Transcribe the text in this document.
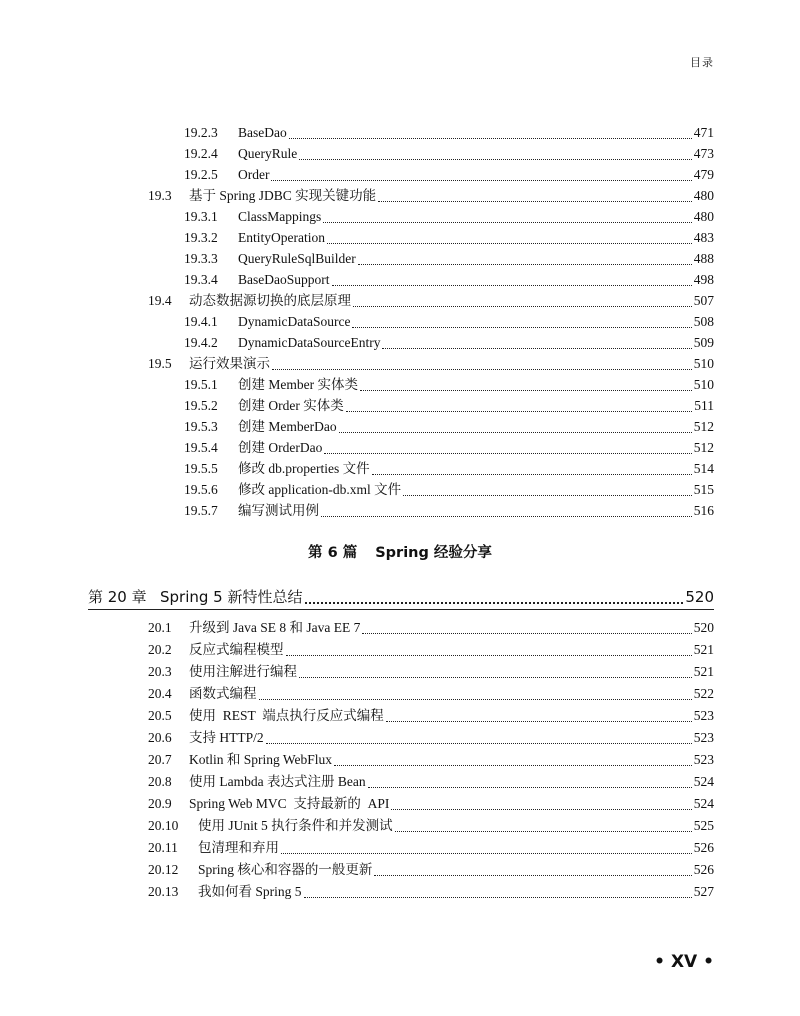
目录
19.2.3	BaseDao	471
19.2.4	QueryRule	473
19.2.5	Order	479
19.3	基于 Spring JDBC 实现关键功能	480
19.3.1	ClassMappings	480
19.3.2	EntityOperation	483
19.3.3	QueryRuleSqlBuilder	488
19.3.4	BaseDaoSupport	498
19.4	动态数据源切换的底层原理	507
19.4.1	DynamicDataSource	508
19.4.2	DynamicDataSourceEntry	509
19.5	运行效果演示	510
19.5.1	创建 Member 实体类	510
19.5.2	创建 Order 实体类	511
19.5.3	创建 MemberDao	512
19.5.4	创建 OrderDao	512
19.5.5	修改 db.properties 文件	514
19.5.6	修改 application-db.xml 文件	515
19.5.7	编写测试用例	516
第 6 篇 Spring 经验分享
第 20 章 Spring 5 新特性总结	520
20.1	升级到 Java SE 8 和 Java EE 7	520
20.2	反应式编程模型	521
20.3	使用注解进行编程	521
20.4	函数式编程	522
20.5	使用  REST  端点执行反应式编程	523
20.6	支持 HTTP/2	523
20.7	Kotlin 和 Spring WebFlux	523
20.8	使用 Lambda 表达式注册 Bean	524
20.9	Spring Web MVC  支持最新的  API	524
20.10	使用 JUnit 5 执行条件和并发测试	525
20.11	包清理和弃用	526
20.12	Spring 核心和容器的一般更新	526
20.13	我如何看 Spring 5	527
• XV •
